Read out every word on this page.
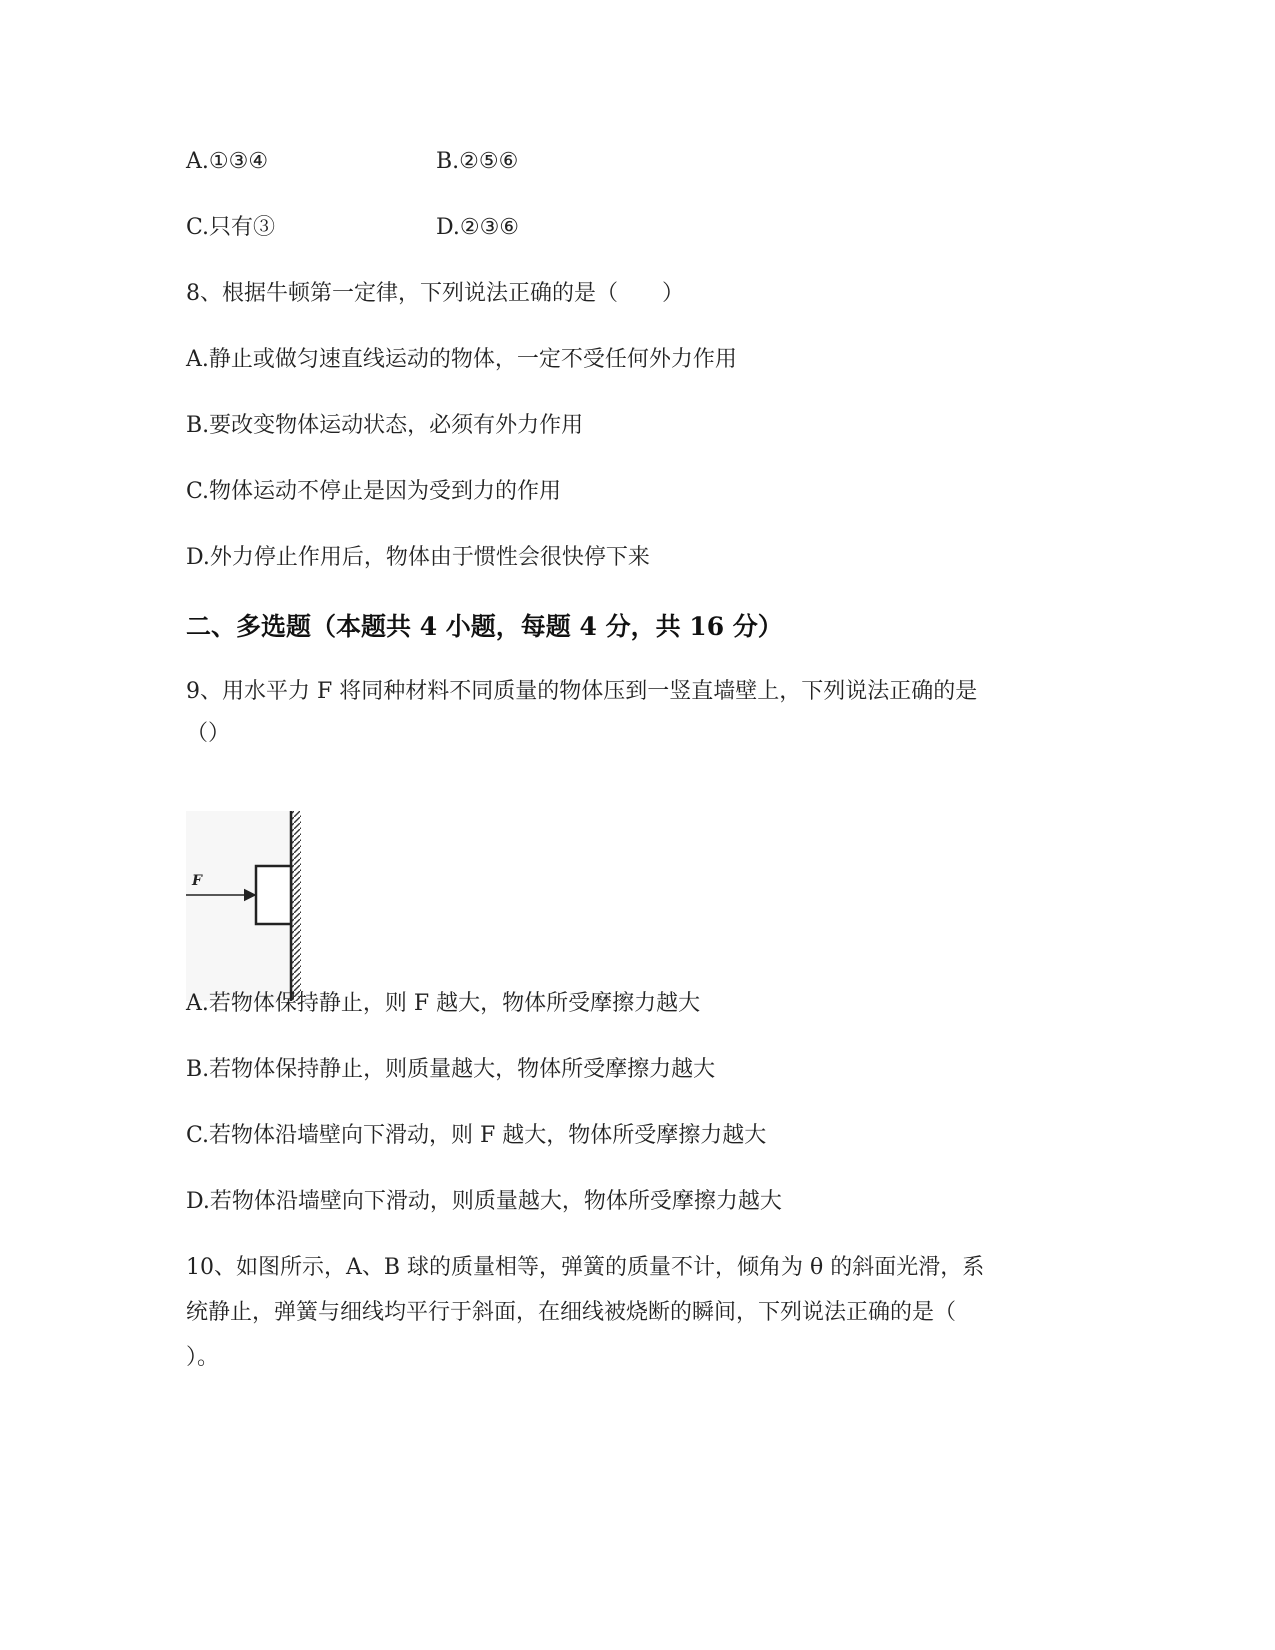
A.①③④	B.②⑤⑥
C.只有③	D.②③⑥
8、根据牛顿第一定律，下列说法正确的是（　　）
A.静止或做匀速直线运动的物体，一定不受任何外力作用
B.要改变物体运动状态，必须有外力作用
C.物体运动不停止是因为受到力的作用
D.外力停止作用后，物体由于惯性会很快停下来
二、多选题（本题共 4 小题，每题 4 分，共 16 分）
9、用水平力 F 将同种材料不同质量的物体压到一竖直墙壁上，下列说法正确的是
（）
F
A.若物体保持静止，则 F 越大，物体所受摩擦力越大
B.若物体保持静止，则质量越大，物体所受摩擦力越大
C.若物体沿墙壁向下滑动，则 F 越大，物体所受摩擦力越大
D.若物体沿墙壁向下滑动，则质量越大，物体所受摩擦力越大
10、如图所示，A、B 球的质量相等，弹簧的质量不计，倾角为 θ 的斜面光滑，系
统静止，弹簧与细线均平行于斜面，在细线被烧断的瞬间，下列说法正确的是（
）。
